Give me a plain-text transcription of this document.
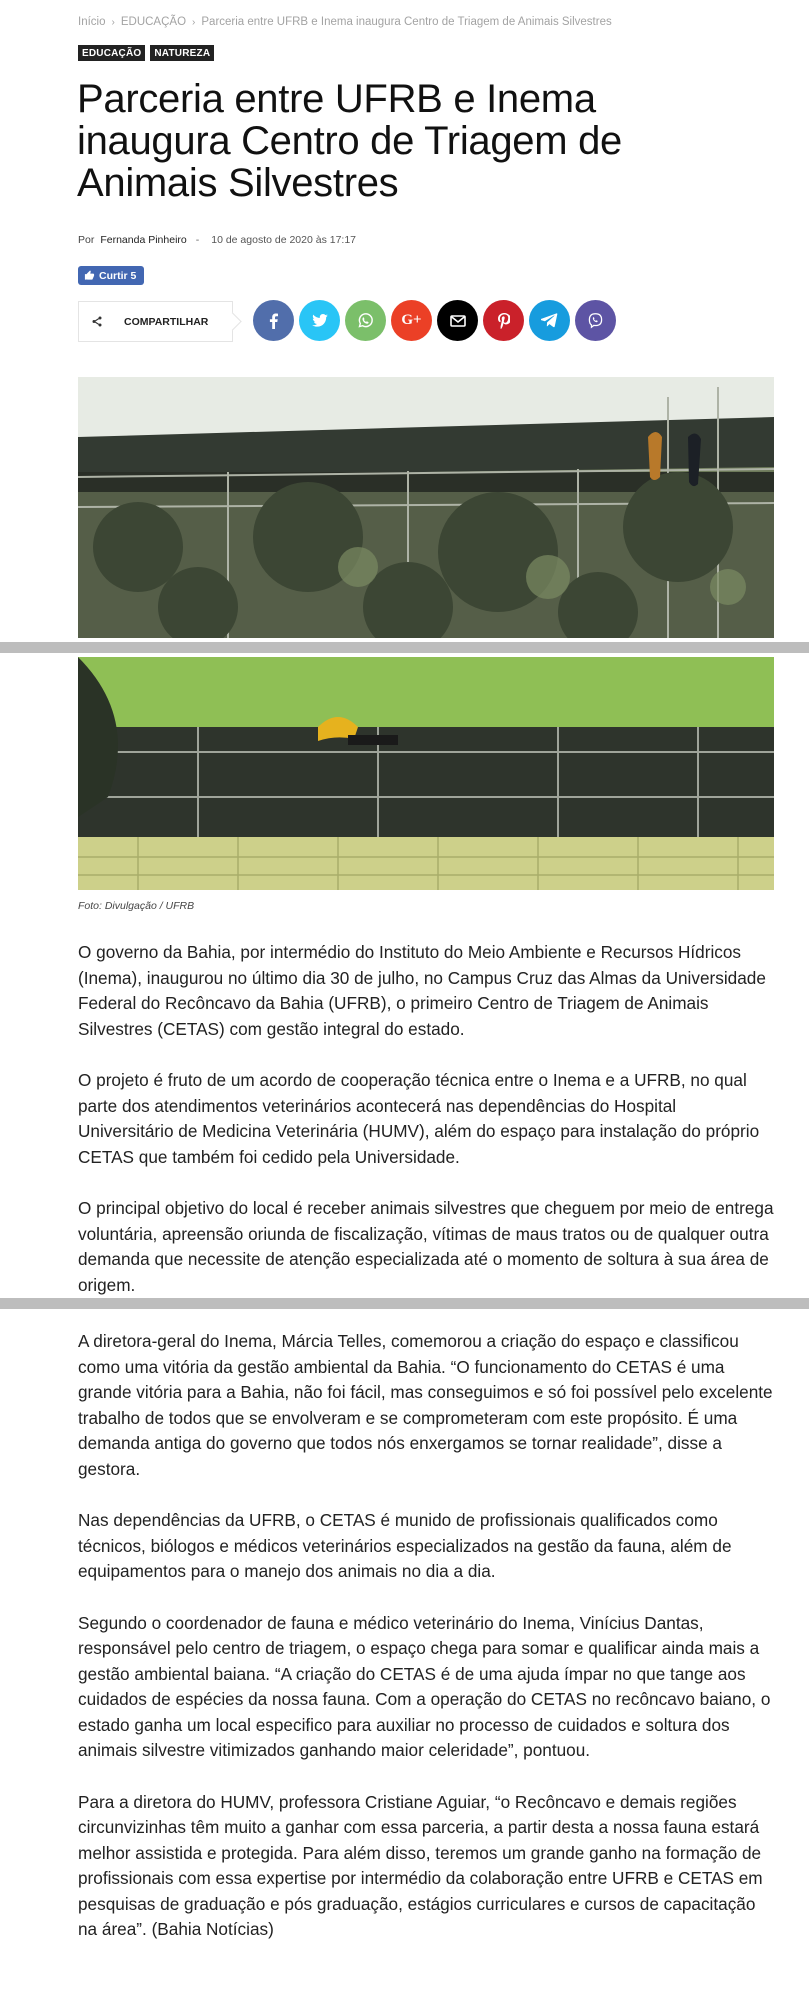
Início › EDUCAÇÃO › Parceria entre UFRB e Inema inaugura Centro de Triagem de Animais Silvestres
EDUCAÇÃO	NATUREZA
Parceria entre UFRB e Inema inaugura Centro de Triagem de Animais Silvestres
Por Fernanda Pinheiro - 10 de agosto de 2020 às 17:17
Curtir 5
COMPARTILHAR	G+
Foto: Divulgação / UFRB

O governo da Bahia, por intermédio do Instituto do Meio Ambiente e Recursos Hídricos (Inema), inaugurou no último dia 30 de julho, no Campus Cruz das Almas da Universidade Federal do Recôncavo da Bahia (UFRB), o primeiro Centro de Triagem de Animais Silvestres (CETAS) com gestão integral do estado.

O projeto é fruto de um acordo de cooperação técnica entre o Inema e a UFRB, no qual parte dos atendimentos veterinários acontecerá nas dependências do Hospital Universitário de Medicina Veterinária (HUMV), além do espaço para instalação do próprio CETAS que também foi cedido pela Universidade.

O principal objetivo do local é receber animais silvestres que cheguem por meio de entrega voluntária, apreensão oriunda de fiscalização, vítimas de maus tratos ou de qualquer outra demanda que necessite de atenção especializada até o momento de soltura à sua área de origem.

A diretora-geral do Inema, Márcia Telles, comemorou a criação do espaço e classificou como uma vitória da gestão ambiental da Bahia. “O funcionamento do CETAS é uma grande vitória para a Bahia, não foi fácil, mas conseguimos e só foi possível pelo excelente trabalho de todos que se envolveram e se comprometeram com este propósito. É uma demanda antiga do governo que todos nós enxergamos se tornar realidade”, disse a gestora.

Nas dependências da UFRB, o CETAS é munido de profissionais qualificados como técnicos, biólogos e médicos veterinários especializados na gestão da fauna, além de equipamentos para o manejo dos animais no dia a dia.

Segundo o coordenador de fauna e médico veterinário do Inema, Vinícius Dantas, responsável pelo centro de triagem, o espaço chega para somar e qualificar ainda mais a gestão ambiental baiana. “A criação do CETAS é de uma ajuda ímpar no que tange aos cuidados de espécies da nossa fauna. Com a operação do CETAS no recôncavo baiano, o estado ganha um local especifico para auxiliar no processo de cuidados e soltura dos animais silvestre vitimizados ganhando maior celeridade”, pontuou.

Para a diretora do HUMV, professora Cristiane Aguiar, “o Recôncavo e demais regiões circunvizinhas têm muito a ganhar com essa parceria, a partir desta a nossa fauna estará melhor assistida e protegida. Para além disso, teremos um grande ganho na formação de profissionais com essa expertise por intermédio da colaboração entre UFRB e CETAS em pesquisas de graduação e pós graduação, estágios curriculares e cursos de capacitação na área”. (Bahia Notícias)
